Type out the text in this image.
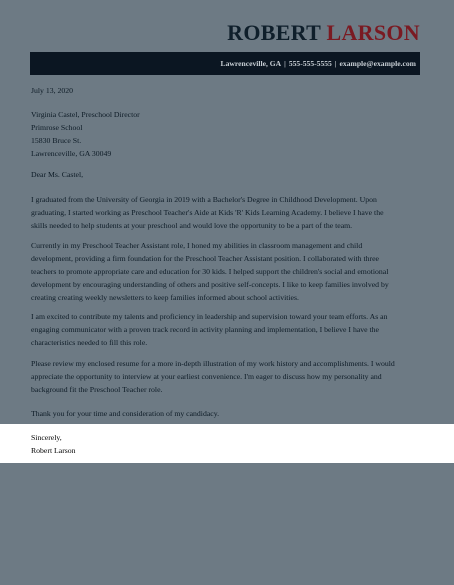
ROBERT LARSON
Lawrenceville, GA | 555-555-5555 | example@example.com
July 13, 2020
Virginia Castel, Preschool Director
Primrose School
15830 Bruce St.
Lawrenceville, GA 30049
Dear Ms. Castel,
I graduated from the University of Georgia in 2019 with a Bachelor's Degree in Childhood Development. Upon
graduating, I started working as Preschool Teacher's Aide at Kids 'R' Kids Learning Academy. I believe I have the
skills needed to help students at your preschool and would love the opportunity to be a part of the team.
Currently in my Preschool Teacher Assistant role, I honed my abilities in classroom management and child
development, providing a firm foundation for the Preschool Teacher Assistant position. I collaborated with three
teachers to promote appropriate care and education for 30 kids. I helped support the children's social and emotional
development by encouraging understanding of others and positive self-concepts. I like to keep families involved by
creating creating weekly newsletters to keep families informed about school activities.
I am excited to contribute my talents and proficiency in leadership and supervision toward your team efforts. As an
engaging communicator with a proven track record in activity planning and implementation, I believe I have the
characteristics needed to fill this role.
Please review my enclosed resume for a more in-depth illustration of my work history and accomplishments. I would
appreciate the opportunity to interview at your earliest convenience. I'm eager to discuss how my personality and
background fit the Preschool Teacher role.
Thank you for your time and consideration of my candidacy.
Sincerely,
Robert Larson
